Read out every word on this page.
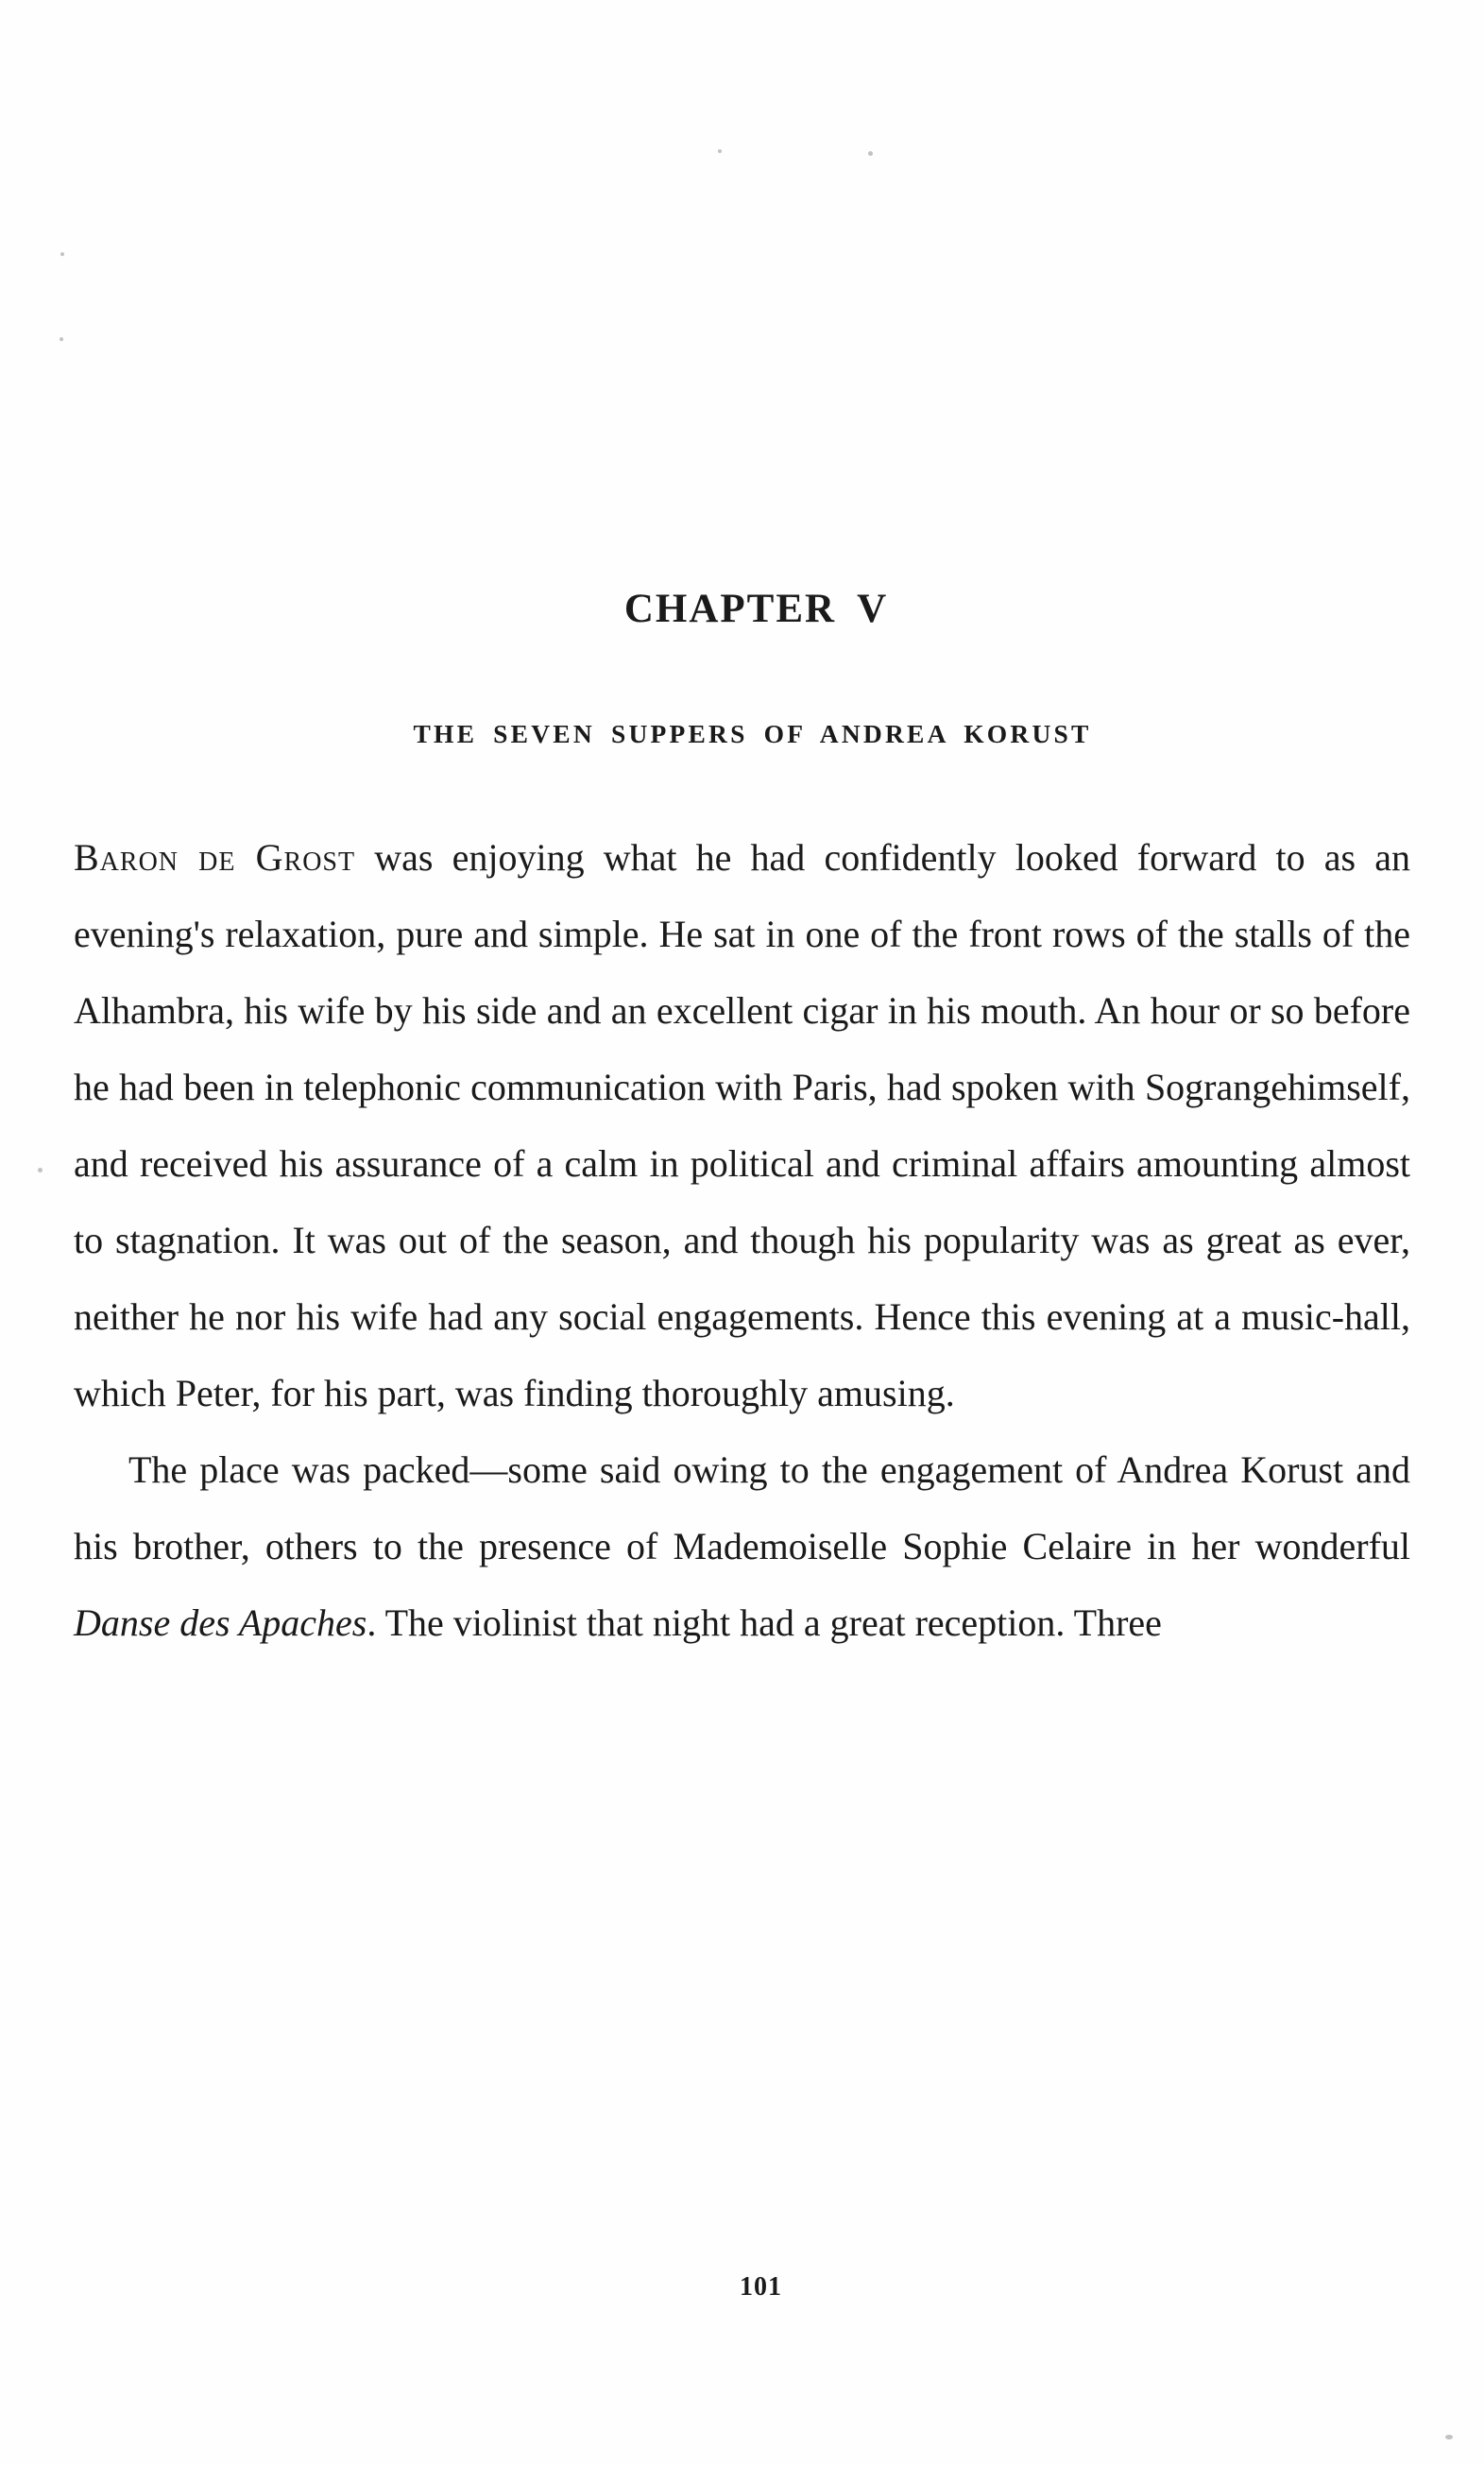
CHAPTER V
THE SEVEN SUPPERS OF ANDREA KORUST

Baron de Grost was enjoying what he had confidently looked forward to as an evening's relaxation, pure and simple. He sat in one of the front rows of the stalls of the Alhambra, his wife by his side and an excellent cigar in his mouth. An hour or so before he had been in telephonic communication with Paris, had spoken with Sograngehimself, and received his assurance of a calm in political and criminal affairs amounting almost to stagnation. It was out of the season, and though his popularity was as great as ever, neither he nor his wife had any social engagements. Hence this evening at a music-hall, which Peter, for his part, was finding thoroughly amusing.

The place was packed—some said owing to the engagement of Andrea Korust and his brother, others to the presence of Mademoiselle Sophie Celaire in her wonderful Danse des Apaches. The violinist that night had a great reception. Three

101
